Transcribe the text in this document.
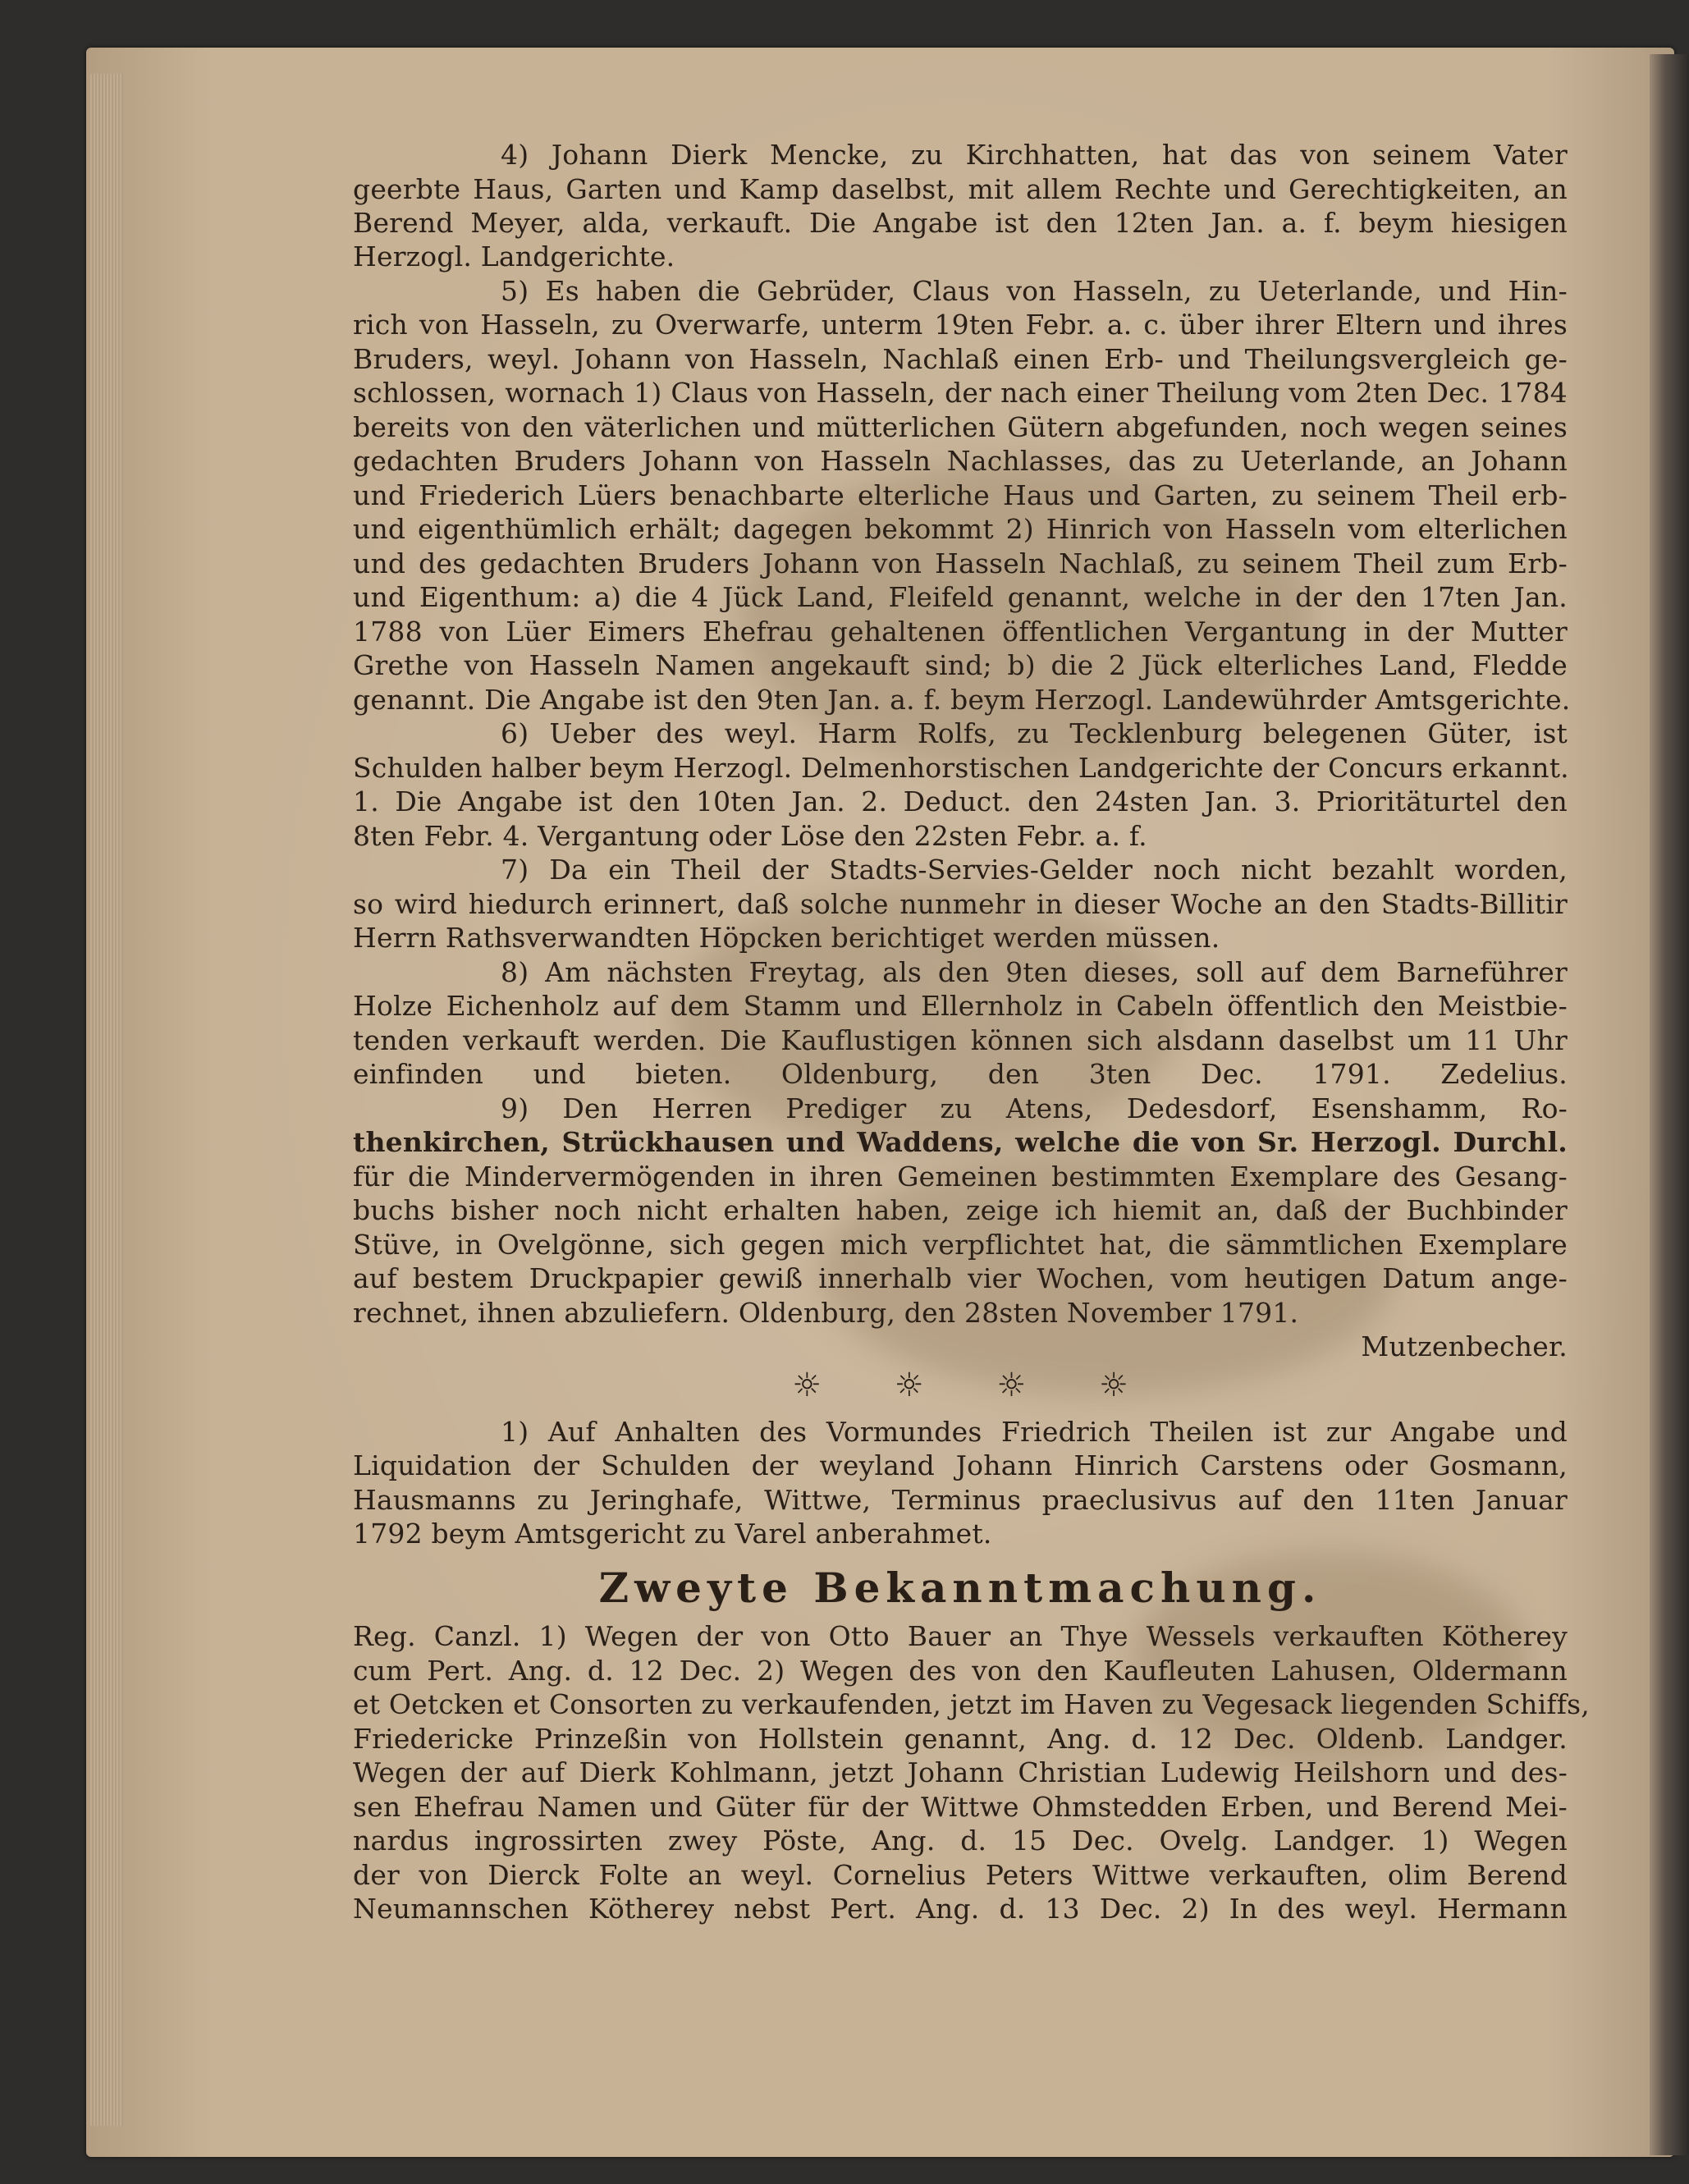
4) Johann Dierk Mencke, zu Kirchhatten, hat das von seinem Vater
geerbte Haus, Garten und Kamp daselbst, mit allem Rechte und Gerechtigkeiten, an
Berend Meyer, alda, verkauft. Die Angabe ist den 12ten Jan. a. f. beym hiesigen
Herzogl. Landgerichte.
5) Es haben die Gebrüder, Claus von Hasseln, zu Ueterlande, und Hin-
rich von Hasseln, zu Overwarfe, unterm 19ten Febr. a. c. über ihrer Eltern und ihres
Bruders, weyl. Johann von Hasseln, Nachlaß einen Erb- und Theilungsvergleich ge-
schlossen, wornach 1) Claus von Hasseln, der nach einer Theilung vom 2ten Dec. 1784
bereits von den väterlichen und mütterlichen Gütern abgefunden, noch wegen seines
gedachten Bruders Johann von Hasseln Nachlasses, das zu Ueterlande, an Johann
und Friederich Lüers benachbarte elterliche Haus und Garten, zu seinem Theil erb-
und eigenthümlich erhält; dagegen bekommt 2) Hinrich von Hasseln vom elterlichen
und des gedachten Bruders Johann von Hasseln Nachlaß, zu seinem Theil zum Erb-
und Eigenthum: a) die 4 Jück Land, Fleifeld genannt, welche in der den 17ten Jan.
1788 von Lüer Eimers Ehefrau gehaltenen öffentlichen Vergantung in der Mutter
Grethe von Hasseln Namen angekauft sind; b) die 2 Jück elterliches Land, Fledde
genannt. Die Angabe ist den 9ten Jan. a. f. beym Herzogl. Landewührder Amtsgerichte.
6) Ueber des weyl. Harm Rolfs, zu Tecklenburg belegenen Güter, ist
Schulden halber beym Herzogl. Delmenhorstischen Landgerichte der Concurs erkannt.
1. Die Angabe ist den 10ten Jan. 2. Deduct. den 24sten Jan. 3. Prioritäturtel den
8ten Febr. 4. Vergantung oder Löse den 22sten Febr. a. f.
7) Da ein Theil der Stadts-Servies-Gelder noch nicht bezahlt worden,
so wird hiedurch erinnert, daß solche nunmehr in dieser Woche an den Stadts-Billitir
Herrn Rathsverwandten Höpcken berichtiget werden müssen.
8) Am nächsten Freytag, als den 9ten dieses, soll auf dem Barneführer
Holze Eichenholz auf dem Stamm und Ellernholz in Cabeln öffentlich den Meistbie-
tenden verkauft werden. Die Kauflustigen können sich alsdann daselbst um 11 Uhr
einfinden und bieten. Oldenburg, den 3ten Dec. 1791. Zedelius.
9) Den Herren Prediger zu Atens, Dedesdorf, Esenshamm, Ro-
thenkirchen, Strückhausen und Waddens, welche die von Sr. Herzogl. Durchl.
für die Mindervermögenden in ihren Gemeinen bestimmten Exemplare des Gesang-
buchs bisher noch nicht erhalten haben, zeige ich hiemit an, daß der Buchbinder
Stüve, in Ovelgönne, sich gegen mich verpflichtet hat, die sämmtlichen Exemplare
auf bestem Druckpapier gewiß innerhalb vier Wochen, vom heutigen Datum ange-
rechnet, ihnen abzuliefern. Oldenburg, den 28sten November 1791.
Mutzenbecher.
☼ ☼ ☼ ☼
1) Auf Anhalten des Vormundes Friedrich Theilen ist zur Angabe und
Liquidation der Schulden der weyland Johann Hinrich Carstens oder Gosmann,
Hausmanns zu Jeringhafe, Wittwe, Terminus praeclusivus auf den 11ten Januar
1792 beym Amtsgericht zu Varel anberahmet.
Zweyte Bekanntmachung.
Reg. Canzl. 1) Wegen der von Otto Bauer an Thye Wessels verkauften Kötherey
cum Pert. Ang. d. 12 Dec. 2) Wegen des von den Kaufleuten Lahusen, Oldermann
et Oetcken et Consorten zu verkaufenden, jetzt im Haven zu Vegesack liegenden Schiffs,
Friedericke Prinzeßin von Hollstein genannt, Ang. d. 12 Dec. Oldenb. Landger.
Wegen der auf Dierk Kohlmann, jetzt Johann Christian Ludewig Heilshorn und des-
sen Ehefrau Namen und Güter für der Wittwe Ohmstedden Erben, und Berend Mei-
nardus ingrossirten zwey Pöste, Ang. d. 15 Dec. Ovelg. Landger. 1) Wegen
der von Dierck Folte an weyl. Cornelius Peters Wittwe verkauften, olim Berend
Neumannschen Kötherey nebst Pert. Ang. d. 13 Dec. 2) In des weyl. Hermann
